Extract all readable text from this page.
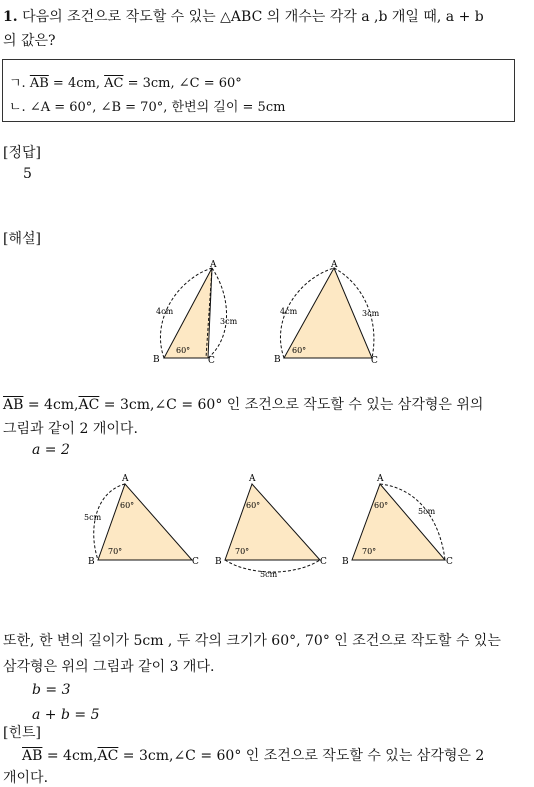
1. 다음의 조건으로 작도할 수 있는 △ABC 의 개수는 각각 a ,b 개일 때, a + b
의 값은?
ㄱ. $\overline{AB} = 4cm$, $\overline{AC} = 3cm$, ∠C = 60°
ㄴ. ∠A = 60°, ∠B = 70°, 한변의 길이 = 5cm
[정답]
5
[해설]
A
B	C
4cm
3cm
60°
A
B	C
4cm	3cm
60°
$\overline{AB} = 4cm,\overline{AC}$ = 3cm,∠C = 60° 인 조건으로 작도할 수 있는 삼각형은 위의
그림과 같이 2 개이다.
a = 2
A
B	C
60°
70°
5cm
A
B	C
60°
70°
5cm
A
B	C
60°
70°
5cm
또한, 한 변의 길이가 5cm , 두 각의 크기가 60°, 70° 인 조건으로 작도할 수 있는
삼각형은 위의 그림과 같이 3 개다.
b = 3
a + b = 5
[힌트]
$\overline{AB} = 4cm,\overline{AC}$ = 3cm,∠C = 60° 인 조건으로 작도할 수 있는 삼각형은 2
개이다.
